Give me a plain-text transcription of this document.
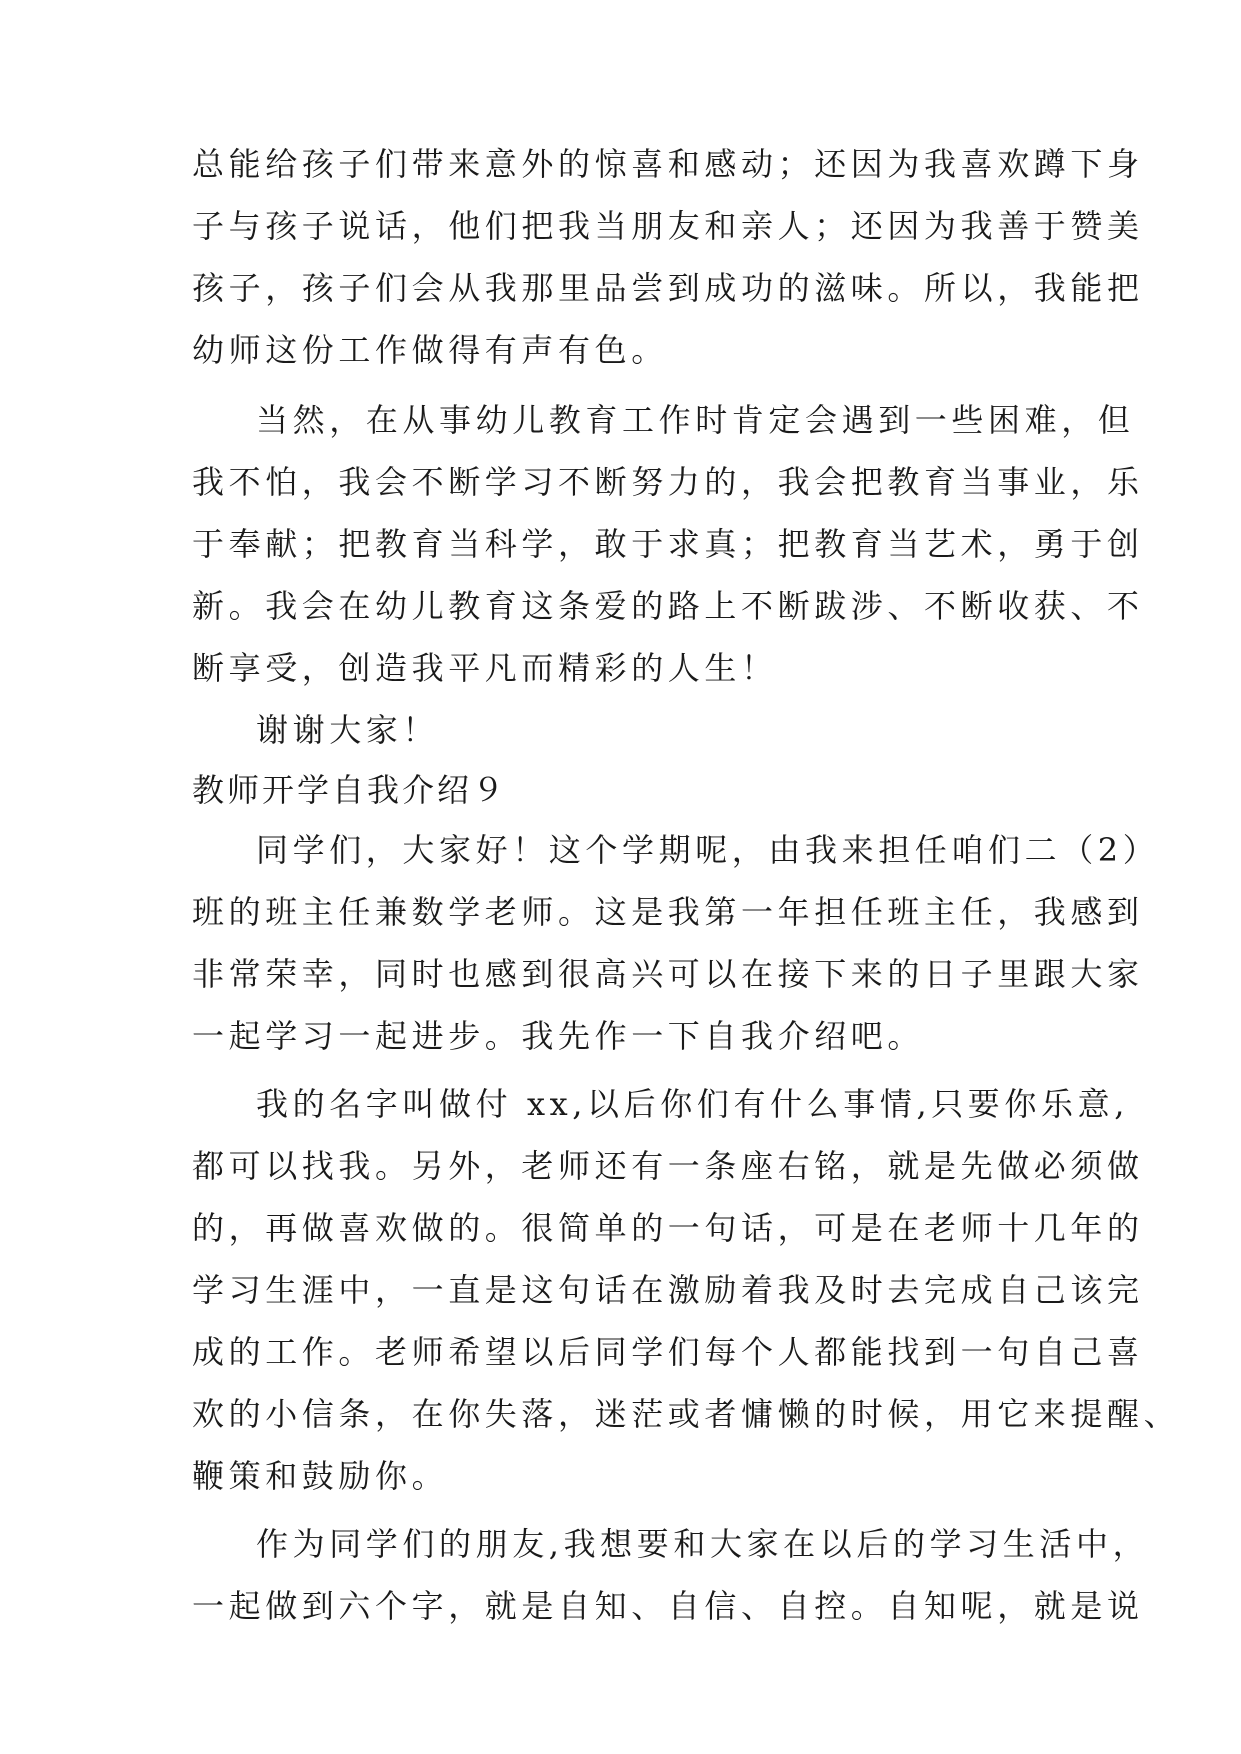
总能给孩子们带来意外的惊喜和感动；还因为我喜欢蹲下身
子与孩子说话，他们把我当朋友和亲人；还因为我善于赞美
孩子，孩子们会从我那里品尝到成功的滋味。所以，我能把
幼师这份工作做得有声有色。
当然，在从事幼儿教育工作时肯定会遇到一些困难，但
我不怕，我会不断学习不断努力的，我会把教育当事业，乐
于奉献；把教育当科学，敢于求真；把教育当艺术，勇于创
新。我会在幼儿教育这条爱的路上不断跋涉、不断收获、不
断享受，创造我平凡而精彩的人生！
谢谢大家！
教师开学自我介绍９
同学们，大家好！这个学期呢，由我来担任咱们二（2）
班的班主任兼数学老师。这是我第一年担任班主任，我感到
非常荣幸，同时也感到很高兴可以在接下来的日子里跟大家
一起学习一起进步。我先作一下自我介绍吧。
我的名字叫做付 xx,以后你们有什么事情,只要你乐意,
都可以找我。另外，老师还有一条座右铭，就是先做必须做
的，再做喜欢做的。很简单的一句话，可是在老师十几年的
学习生涯中，一直是这句话在激励着我及时去完成自己该完
成的工作。老师希望以后同学们每个人都能找到一句自己喜
欢的小信条，在你失落，迷茫或者慵懒的时候，用它来提醒、
鞭策和鼓励你。
作为同学们的朋友,我想要和大家在以后的学习生活中，
一起做到六个字，就是自知、自信、自控。自知呢，就是说
